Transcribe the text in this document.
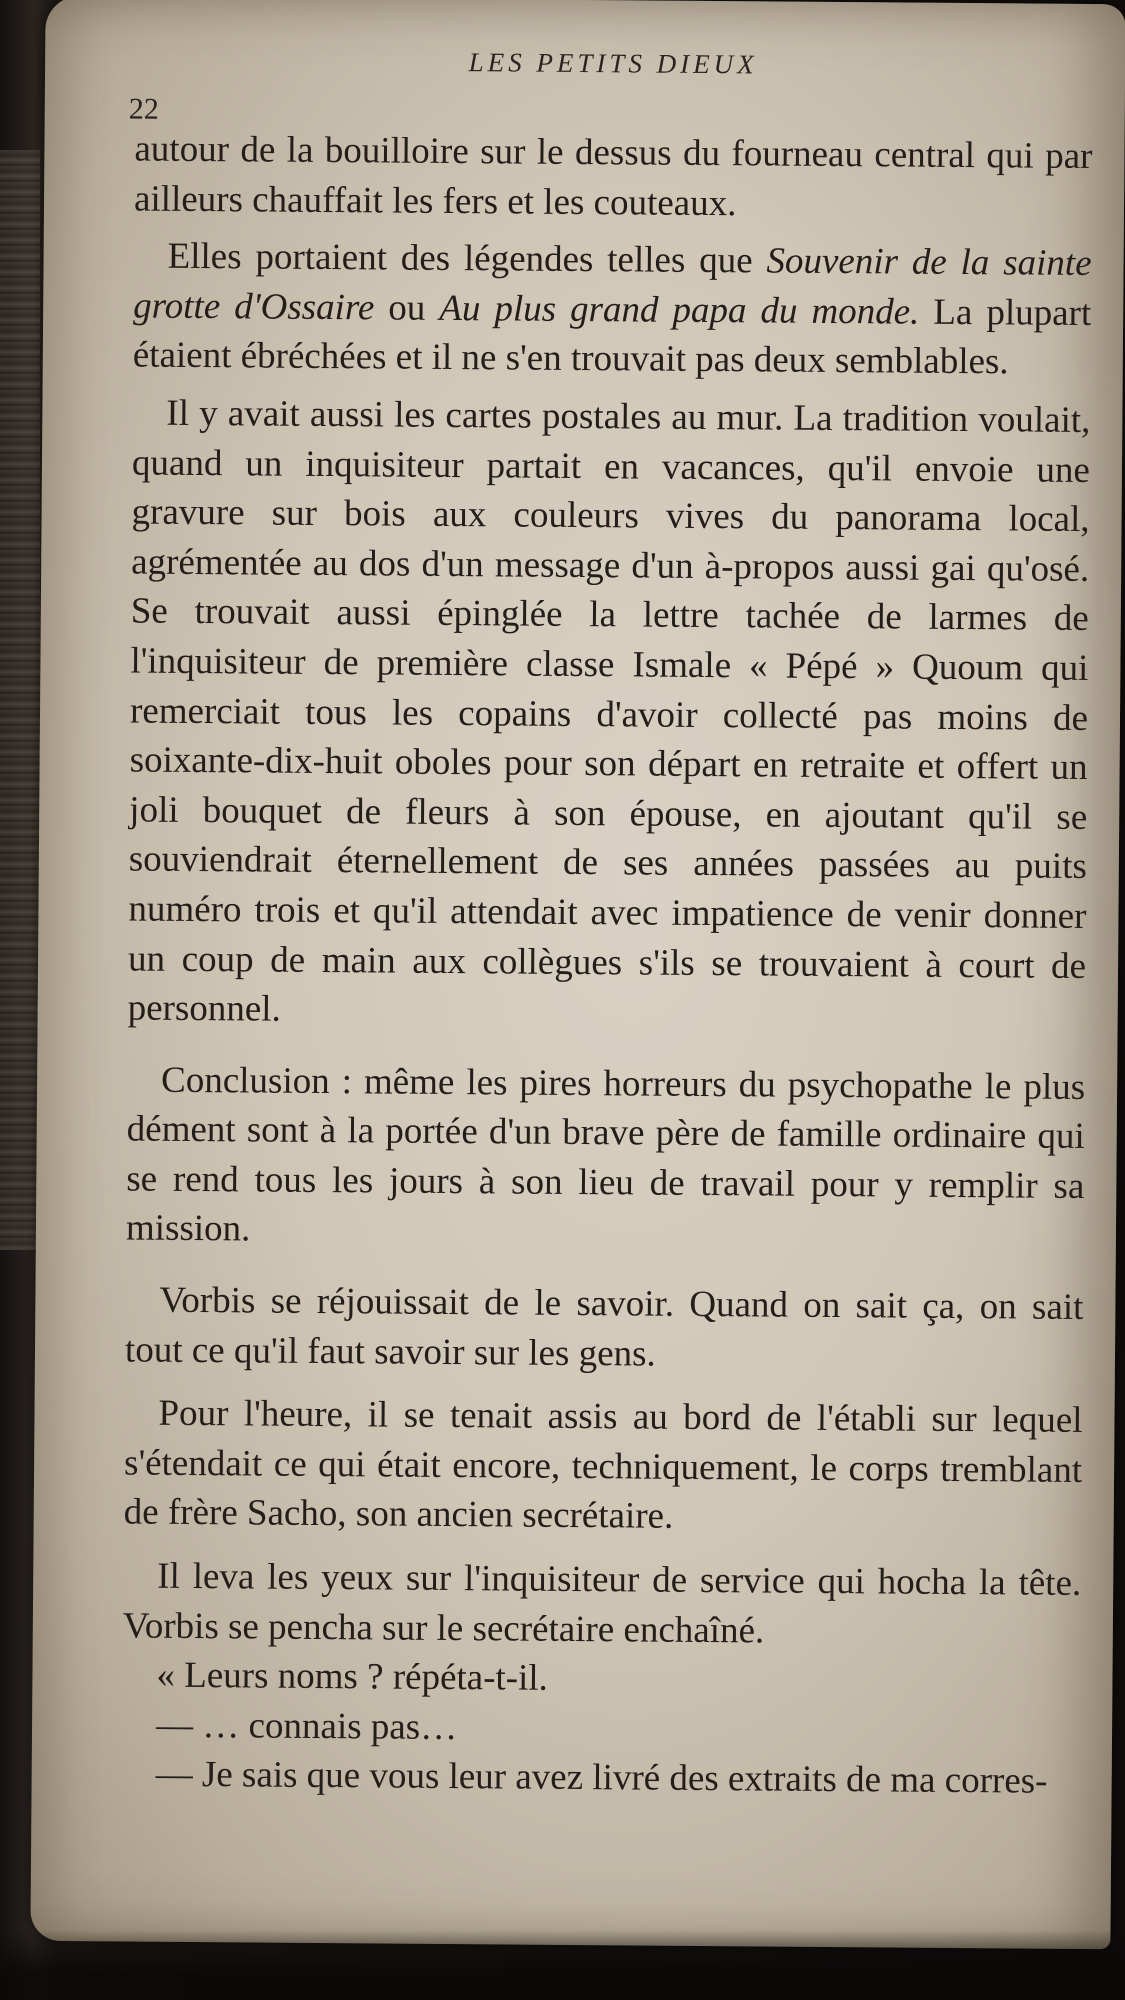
LES PETITS DIEUX
22

autour de la bouilloire sur le dessus du fourneau central qui par ailleurs chauffait les fers et les couteaux.

Elles portaient des légendes telles que Souvenir de la sainte grotte d'Ossaire ou Au plus grand papa du monde. La plupart étaient ébréchées et il ne s'en trouvait pas deux semblables.

Il y avait aussi les cartes postales au mur. La tradition voulait, quand un inquisiteur partait en vacances, qu'il envoie une gravure sur bois aux couleurs vives du panorama local, agrémentée au dos d'un message d'un à-propos aussi gai qu'osé. Se trouvait aussi épinglée la lettre tachée de larmes de l'inquisiteur de première classe Ismale « Pépé » Quoum qui remerciait tous les copains d'avoir collecté pas moins de soixante-dix-huit oboles pour son départ en retraite et offert un joli bouquet de fleurs à son épouse, en ajoutant qu'il se souviendrait éternellement de ses années passées au puits numéro trois et qu'il attendait avec impatience de venir donner un coup de main aux collègues s'ils se trouvaient à court de personnel.

Conclusion : même les pires horreurs du psychopathe le plus dément sont à la portée d'un brave père de famille ordinaire qui se rend tous les jours à son lieu de travail pour y remplir sa mission.

Vorbis se réjouissait de le savoir. Quand on sait ça, on sait tout ce qu'il faut savoir sur les gens.

Pour l'heure, il se tenait assis au bord de l'établi sur lequel s'étendait ce qui était encore, techniquement, le corps tremblant de frère Sacho, son ancien secrétaire.

Il leva les yeux sur l'inquisiteur de service qui hocha la tête. Vorbis se pencha sur le secrétaire enchaîné.

« Leurs noms ? répéta-t-il.

— … connais pas…

— Je sais que vous leur avez livré des extraits de ma corres-
